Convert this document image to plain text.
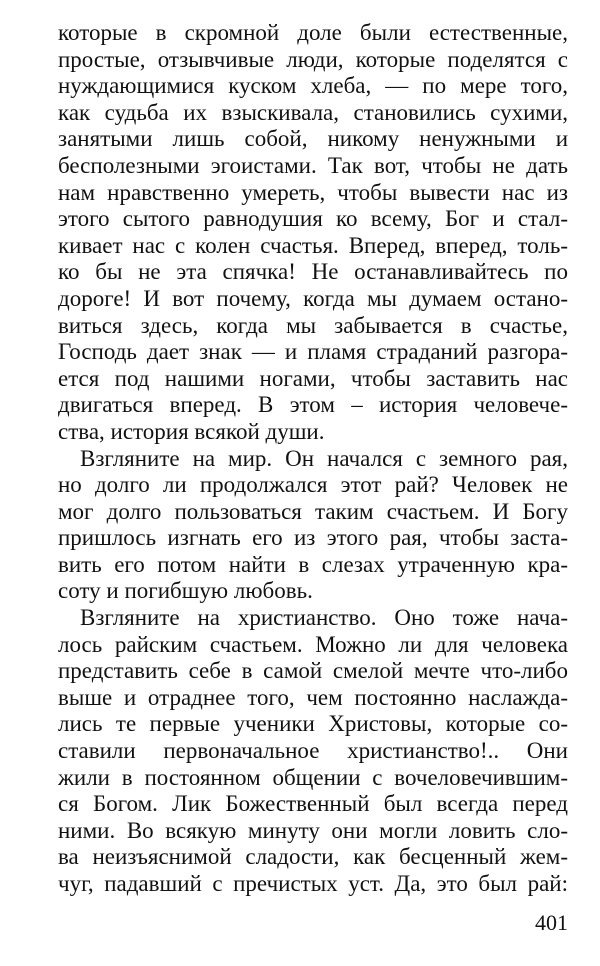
которые в скромной доле были естественные,
простые, отзывчивые люди, которые поделятся с
нуждающимися куском хлеба, — по мере того,
как судьба их взыскивала, становились сухими,
занятыми лишь собой, никому ненужными и
бесполезными эгоистами. Так вот, чтобы не дать
нам нравственно умереть, чтобы вывести нас из
этого сытого равнодушия ко всему, Бог и стал-
кивает нас с колен счастья. Вперед, вперед, толь-
ко бы не эта спячка! Не останавливайтесь по
дороге! И вот почему, когда мы думаем остано-
виться здесь, когда мы забывается в счастье,
Господь дает знак — и пламя страданий разгора-
ется под нашими ногами, чтобы заставить нас
двигаться вперед. В этом – история человече-
ства, история всякой души.
Взгляните на мир. Он начался с земного рая,
но долго ли продолжался этот рай? Человек не
мог долго пользоваться таким счастьем. И Богу
пришлось изгнать его из этого рая, чтобы заста-
вить его потом найти в слезах утраченную кра-
соту и погибшую любовь.
Взгляните на христианство. Оно тоже нача-
лось райским счастьем. Можно ли для человека
представить себе в самой смелой мечте что-либо
выше и отраднее того, чем постоянно наслажда-
лись те первые ученики Христовы, которые со-
ставили первоначальное христианство!.. Они
жили в постоянном общении с вочеловечившим-
ся Богом. Лик Божественный был всегда перед
ними. Во всякую минуту они могли ловить сло-
ва неизъяснимой сладости, как бесценный жем-
чуг, падавший с пречистых уст. Да, это был рай:
401
